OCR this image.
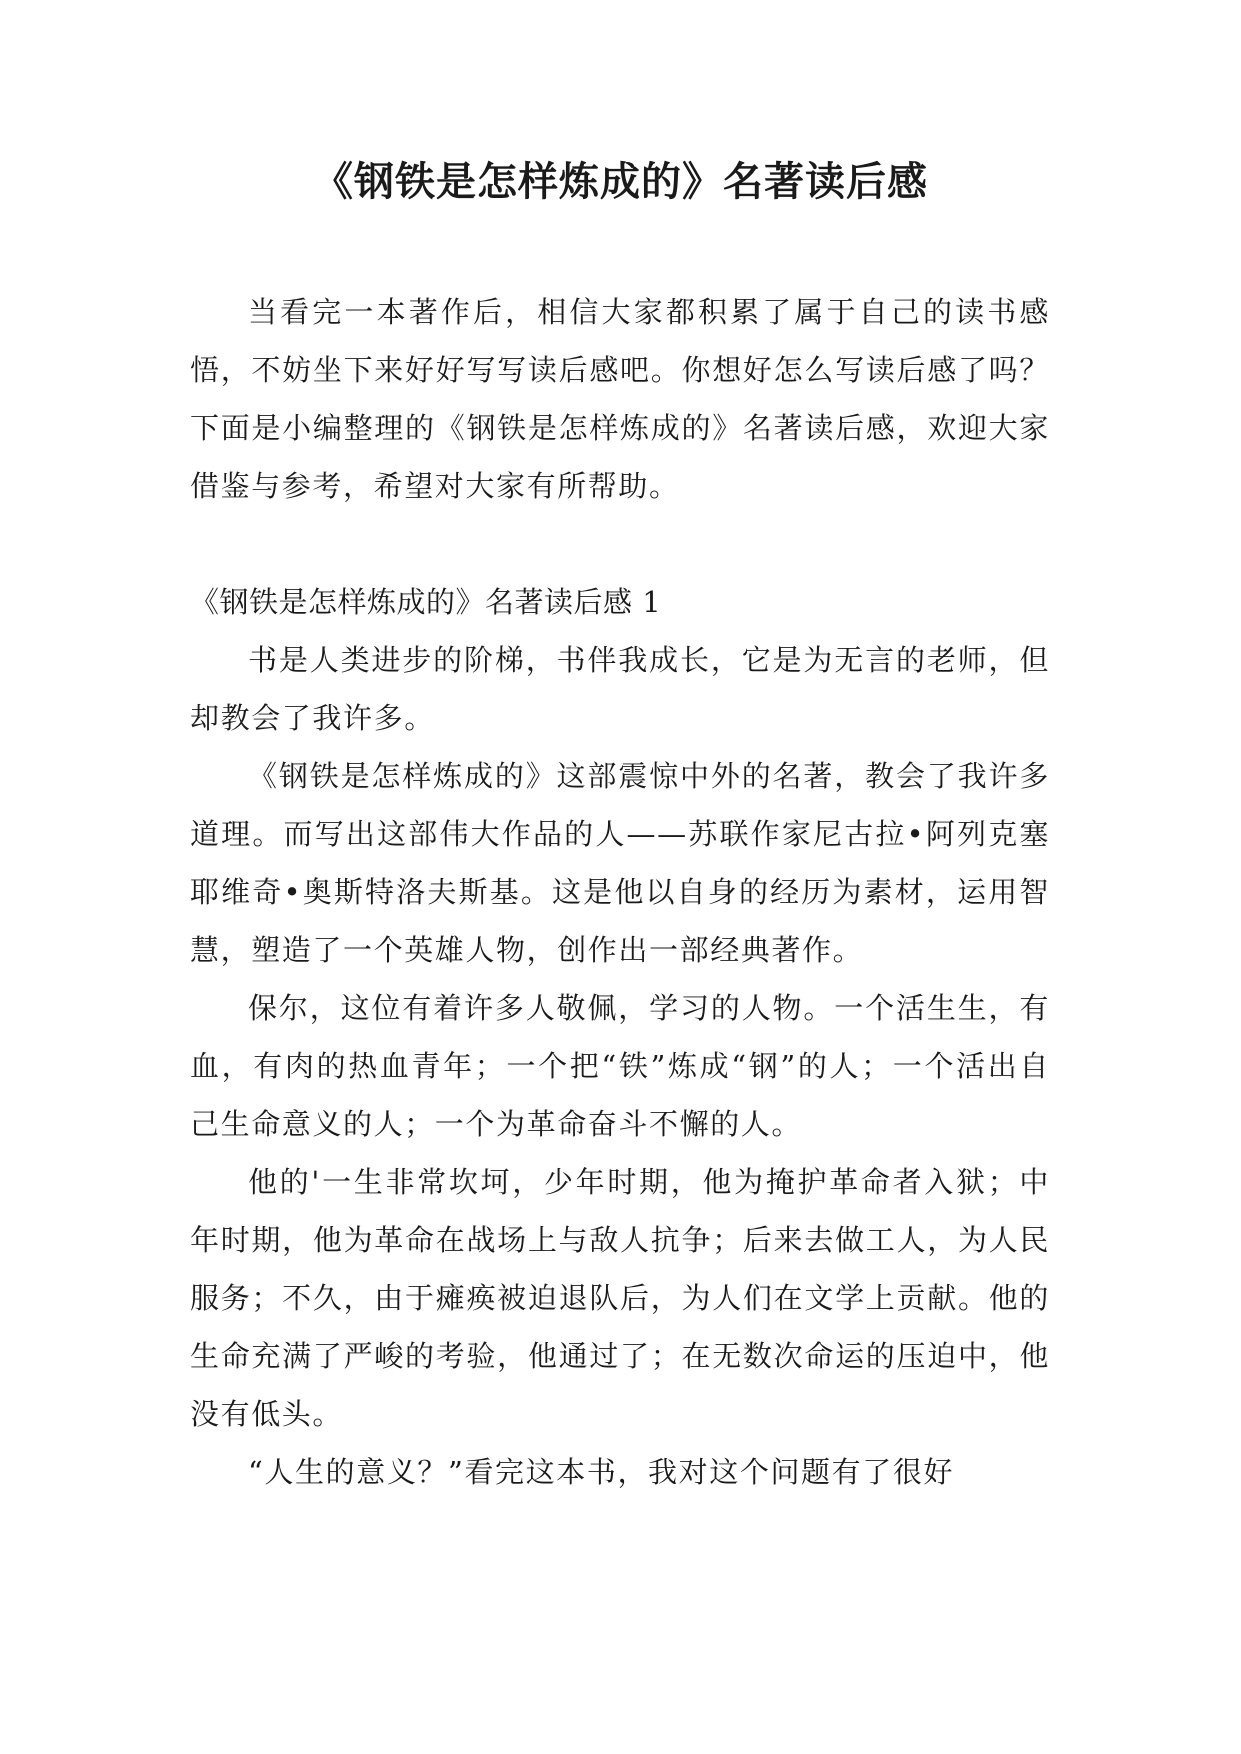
《钢铁是怎样炼成的》名著读后感

当看完一本著作后，相信大家都积累了属于自己的读书感悟，不妨坐下来好好写写读后感吧。你想好怎么写读后感了吗？下面是小编整理的《钢铁是怎样炼成的》名著读后感，欢迎大家借鉴与参考，希望对大家有所帮助。

《钢铁是怎样炼成的》名著读后感 1

书是人类进步的阶梯，书伴我成长，它是为无言的老师，但却教会了我许多。

《钢铁是怎样炼成的》这部震惊中外的名著，教会了我许多道理。而写出这部伟大作品的人——苏联作家尼古拉•阿列克塞耶维奇•奥斯特洛夫斯基。这是他以自身的经历为素材，运用智慧，塑造了一个英雄人物，创作出一部经典著作。

保尔，这位有着许多人敬佩，学习的人物。一个活生生，有血，有肉的热血青年；一个把“铁”炼成“钢”的人；一个活出自己生命意义的人；一个为革命奋斗不懈的人。

他的'一生非常坎坷，少年时期，他为掩护革命者入狱；中年时期，他为革命在战场上与敌人抗争；后来去做工人，为人民服务；不久，由于瘫痪被迫退队后，为人们在文学上贡献。他的生命充满了严峻的考验，他通过了；在无数次命运的压迫中，他没有低头。

“人生的意义？”看完这本书，我对这个问题有了很好
